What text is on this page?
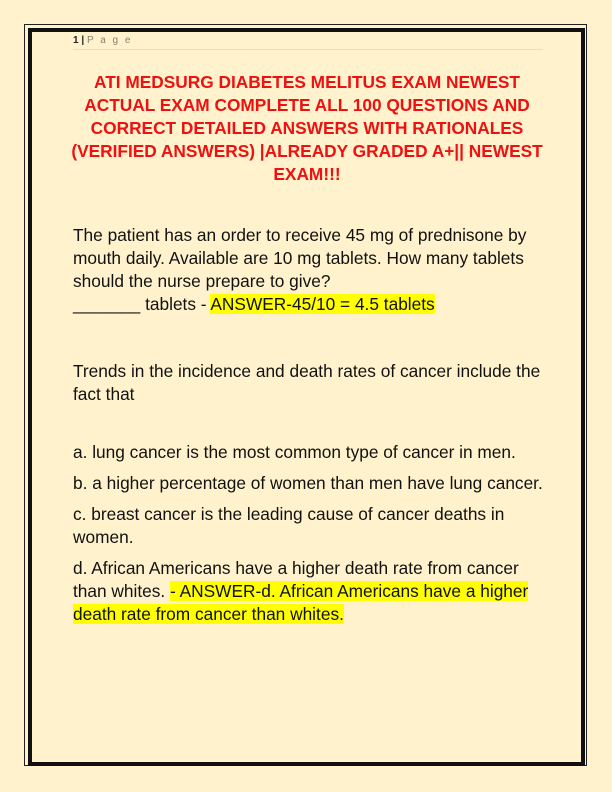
1 | P a g e
ATI MEDSURG DIABETES MELITUS EXAM NEWEST ACTUAL EXAM COMPLETE ALL 100 QUESTIONS AND CORRECT DETAILED ANSWERS WITH RATIONALES (VERIFIED ANSWERS) |ALREADY GRADED A+|| NEWEST EXAM!!!
The patient has an order to receive 45 mg of prednisone by mouth daily. Available are 10 mg tablets. How many tablets should the nurse prepare to give?
_______ tablets - ANSWER-45/10 = 4.5 tablets
Trends in the incidence and death rates of cancer include the fact that
a. lung cancer is the most common type of cancer in men.
b. a higher percentage of women than men have lung cancer.
c. breast cancer is the leading cause of cancer deaths in women.
d. African Americans have a higher death rate from cancer than whites. - ANSWER-d. African Americans have a higher death rate from cancer than whites.
